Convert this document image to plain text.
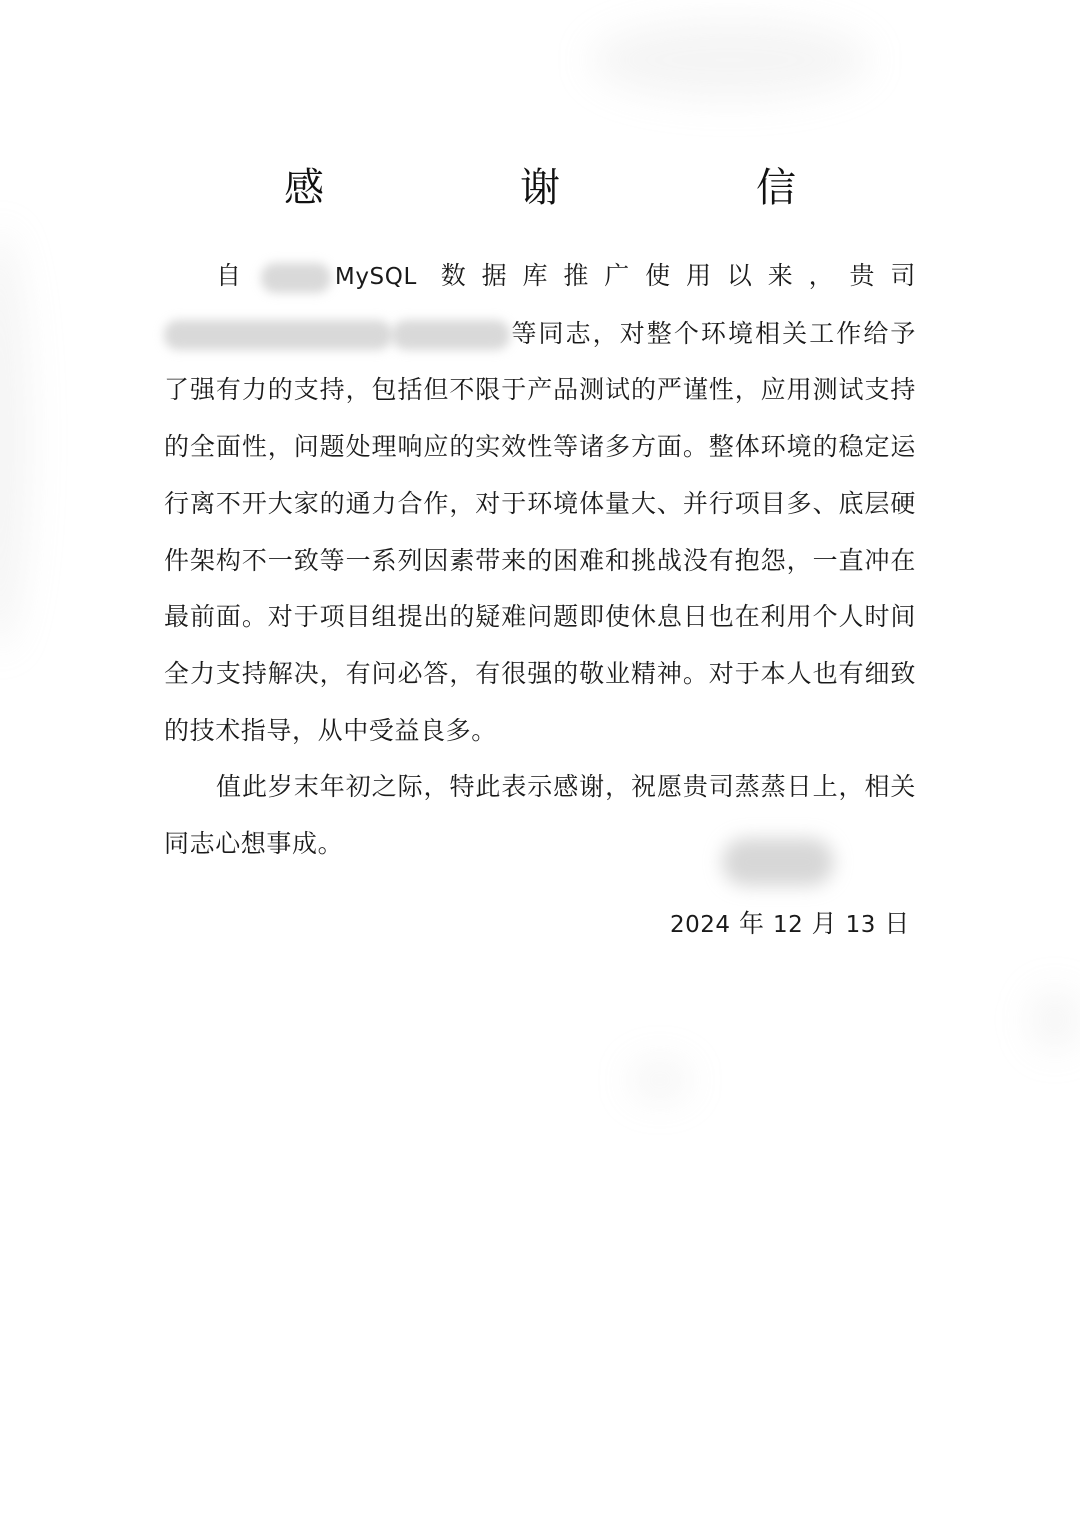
感　谢　信

自	MySQL 数据库推广使用以来，贵司等同志，对整个环境相关工作给予了强有力的支持，包括但不限于产品测试的严谨性，应用测试支持的全面性，问题处理响应的实效性等诸多方面。整体环境的稳定运行离不开大家的通力合作，对于环境体量大、并行项目多、底层硬件架构不一致等一系列因素带来的困难和挑战没有抱怨，一直冲在最前面。对于项目组提出的疑难问题即使休息日也在利用个人时间全力支持解决，有问必答，有很强的敬业精神。对于本人也有细致的技术指导，从中受益良多。

值此岁末年初之际，特此表示感谢，祝愿贵司蒸蒸日上，相关同志心想事成。

2024 年 12 月 13 日
